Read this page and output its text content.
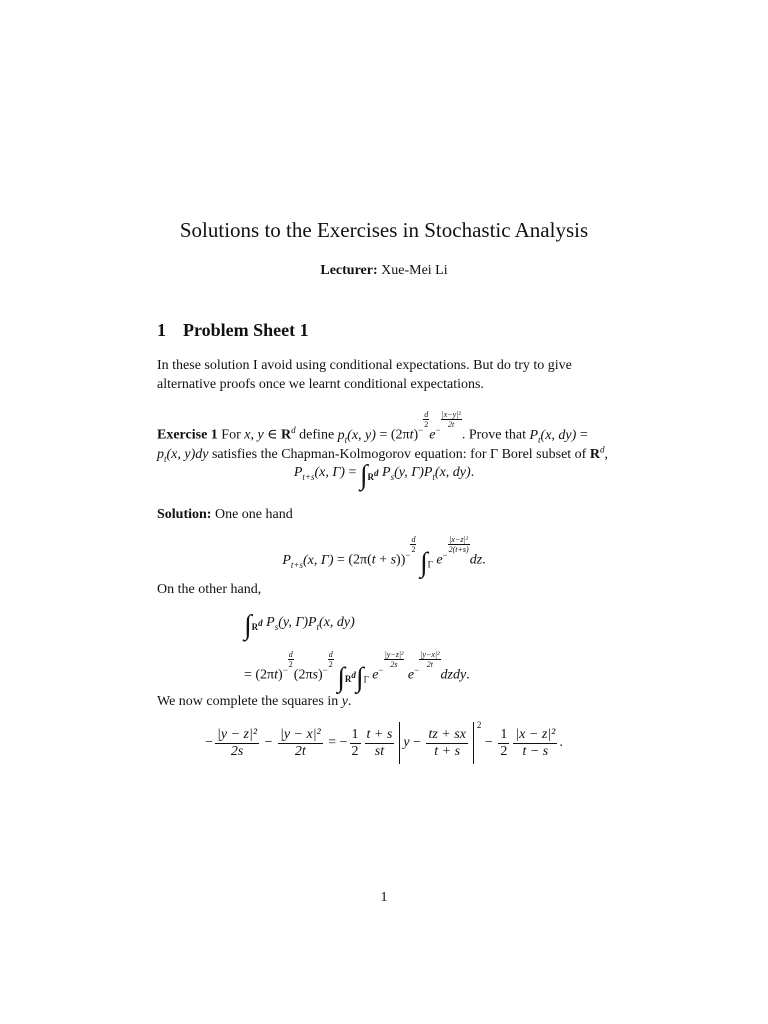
Solutions to the Exercises in Stochastic Analysis
Lecturer: Xue-Mei Li
1 Problem Sheet 1
In these solution I avoid using conditional expectations. But do try to give alternative proofs once we learnt conditional expectations.
Exercise 1 For x, y ∈ $R^d$ define $p_t(x$, $y) = (2\pi t)^{- \frac{d}{2}}$
$e^{- \frac{\text{|x−y|²}}{2t}}$
. Prove that $P_t(x$, $dy) = p_t(x$, y)dy satisfies the Chapman-Kolmogorov equation: for Γ Borel subset of $R^d$,
$P_{t+s}(x$, $\Gamma) = \int_{R^d}$ $P_s(y$, $\Gamma)P_t(x$, dy).
Solution: One one hand
$P_{t+s}(x$, $\Gamma) = (2\pi(t + s))^{- \frac{d}{2}}$
$\int_\Gamma$ $e^{- \frac{\text{|x−z|²}}{2(t+s)}}$
dz.
On the other hand,
$\int_{R^d}$ $P_s(y$, $\Gamma)P_t(x$, dy)
= $(2\pi t)^{- \frac{d}{2}}$
$(2\pi s)^{- \frac{d}{2}}$
$\int_{R^d}\int_\Gamma$ $e^{- \frac{\text{|y−z|²}}{2s}}$
$e^{- \frac{\text{|y−x|²}}{2t}}$
dzdy.
We now complete the squares in y.
− $\frac{\text{|y − z|²}}{2s} - \frac{\text{|y − x|²}}{2t}$ = − $\frac{1}{2} \frac{t + s}{st}$ $y - \frac{tz + sx}{t + s}$
$^2 - \frac{1}{2} \frac{\text{|x − z|²}}{t - s}$ .
1
